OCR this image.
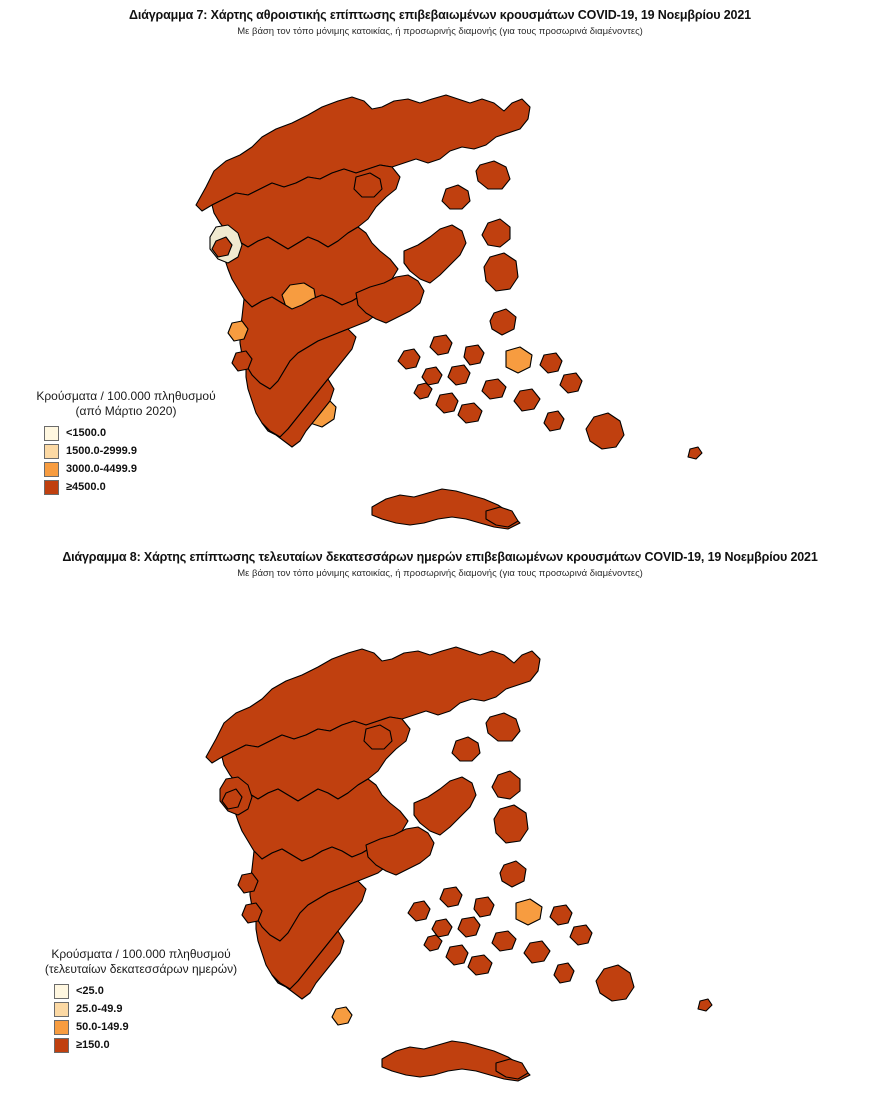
Διάγραμμα 7: Χάρτης αθροιστικής επίπτωσης επιβεβαιωμένων κρουσμάτων COVID-19, 19 Νοεμβρίου 2021
Με βάση τον τόπο μόνιμης κατοικίας, ή προσωρινής διαμονής (για τους προσωρινά διαμένοντες)
Κρούσματα / 100.000 πληθυσμού
(από Μάρτιο 2020)
<1500.0
1500.0-2999.9
3000.0-4499.9
≥4500.0
Διάγραμμα 8: Χάρτης επίπτωσης τελευταίων δεκατεσσάρων ημερών επιβεβαιωμένων κρουσμάτων COVID-19, 19 Νοεμβρίου 2021
Με βάση τον τόπο μόνιμης κατοικίας, ή προσωρινής διαμονής (για τους προσωρινά διαμένοντες)
Κρούσματα / 100.000 πληθυσμού
(τελευταίων δεκατεσσάρων ημερών)
<25.0
25.0-49.9
50.0-149.9
≥150.0
